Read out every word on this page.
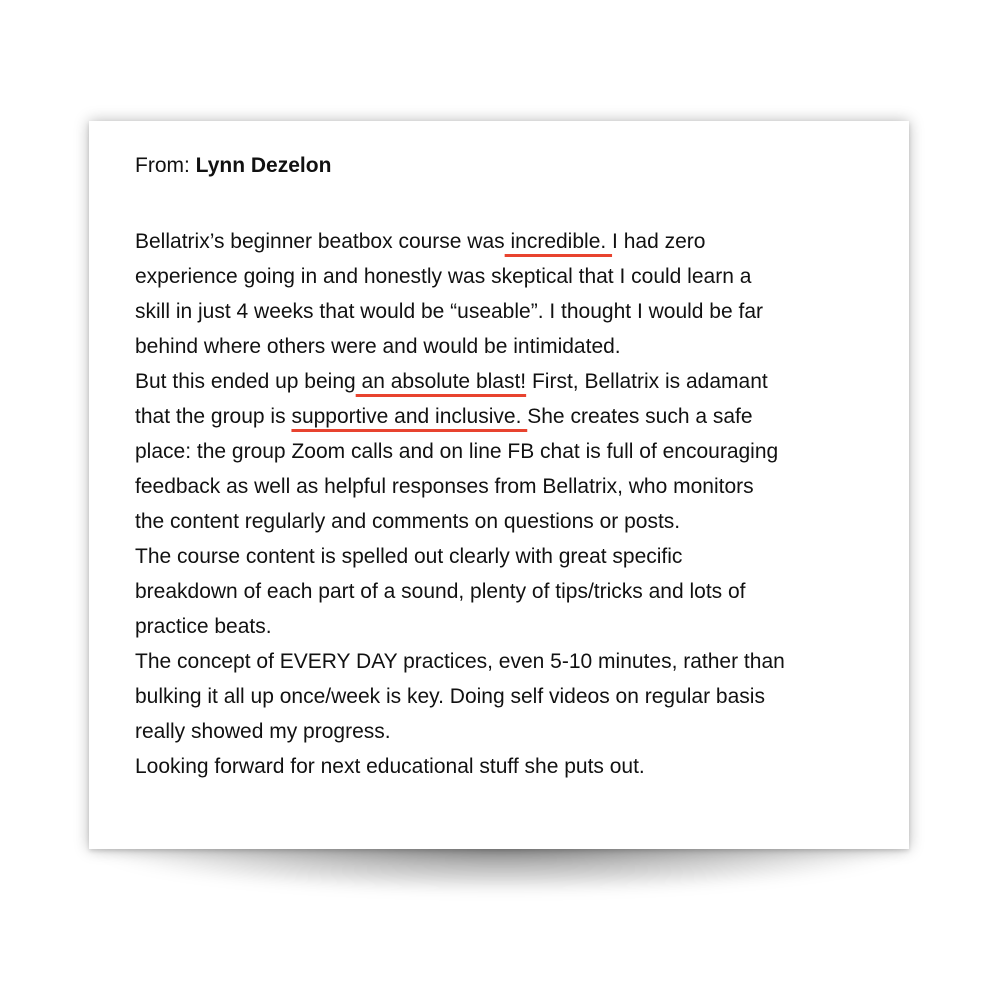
From: Lynn Dezelon
Bellatrix’s beginner beatbox course was incredible. I had zero
experience going in and honestly was skeptical that I could learn a
skill in just 4 weeks that would be “useable”. I thought I would be far
behind where others were and would be intimidated.
But this ended up being an absolute blast! First, Bellatrix is adamant
that the group is supportive and inclusive. She creates such a safe
place: the group Zoom calls and on line FB chat is full of encouraging
feedback as well as helpful responses from Bellatrix, who monitors
the content regularly and comments on questions or posts.
The course content is spelled out clearly with great specific
breakdown of each part of a sound, plenty of tips/tricks and lots of
practice beats.
The concept of EVERY DAY practices, even 5-10 minutes, rather than
bulking it all up once/week is key. Doing self videos on regular basis
really showed my progress.
Looking forward for next educational stuff she puts out.
